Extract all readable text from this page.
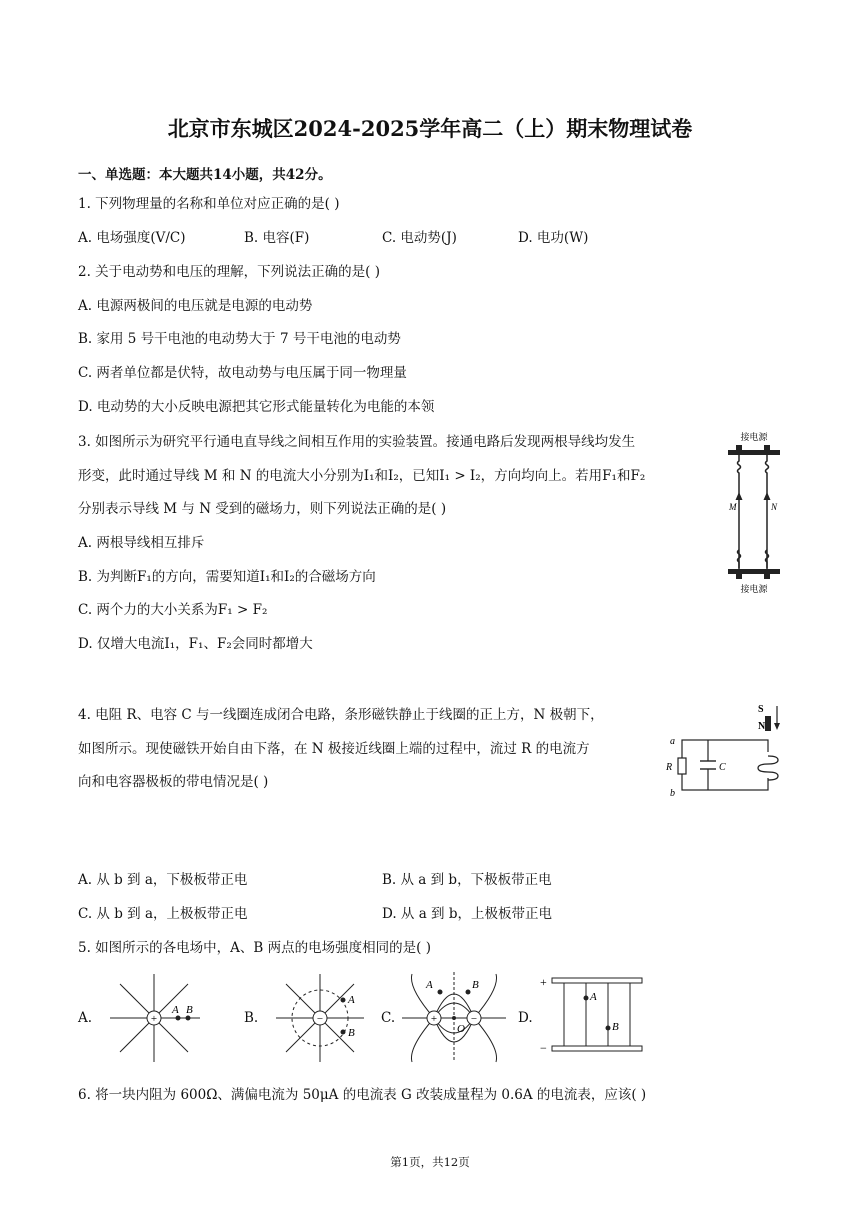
北京市东城区2024-2025学年高二（上）期末物理试卷
一、单选题：本大题共14小题，共42分。
1. 下列物理量的名称和单位对应正确的是( )
A. 电场强度(V/C)	B. 电容(F)	C. 电动势(J)	D. 电功(W)
2. 关于电动势和电压的理解，下列说法正确的是( )
A. 电源两极间的电压就是电源的电动势
B. 家用 5 号干电池的电动势大于 7 号干电池的电动势
C. 两者单位都是伏特，故电动势与电压属于同一物理量
D. 电动势的大小反映电源把其它形式能量转化为电能的本领
3. 如图所示为研究平行通电直导线之间相互作用的实验装置。接通电路后发现两根导线均发生
形变，此时通过导线 M 和 N 的电流大小分别为I₁和I₂，已知I₁ > I₂，方向均向上。若用F₁和F₂
分别表示导线 M 与 N 受到的磁场力，则下列说法正确的是( )
A. 两根导线相互排斥
B. 为判断F₁的方向，需要知道I₁和I₂的合磁场方向
C. 两个力的大小关系为F₁ > F₂
D. 仅增大电流I₁，F₁、F₂会同时都增大
接电源
M	N
接电源
4. 电阻 R、电容 C 与一线圈连成闭合电路，条形磁铁静止于线圈的正上方，N 极朝下，
如图所示。现使磁铁开始自由下落，在 N 极接近线圈上端的过程中，流过 R 的电流方
向和电容器极板的带电情况是( )
S
N
a
b
R	C
A. 从 b 到 a，下极板带正电	B. 从 a 到 b，下极板带正电
C. 从 b 到 a，上极板带正电	D. 从 a 到 b，上极板带正电
5. 如图所示的各电场中，A、B 两点的电场强度相同的是( )
A.	+
A B	B.	−
A
B
C.	+	−
A	B
O
D.
+
−
A
B
6. 将一块内阻为 600Ω、满偏电流为 50μA 的电流表 G 改装成量程为 0.6A 的电流表，应该( )
第1页，共12页
